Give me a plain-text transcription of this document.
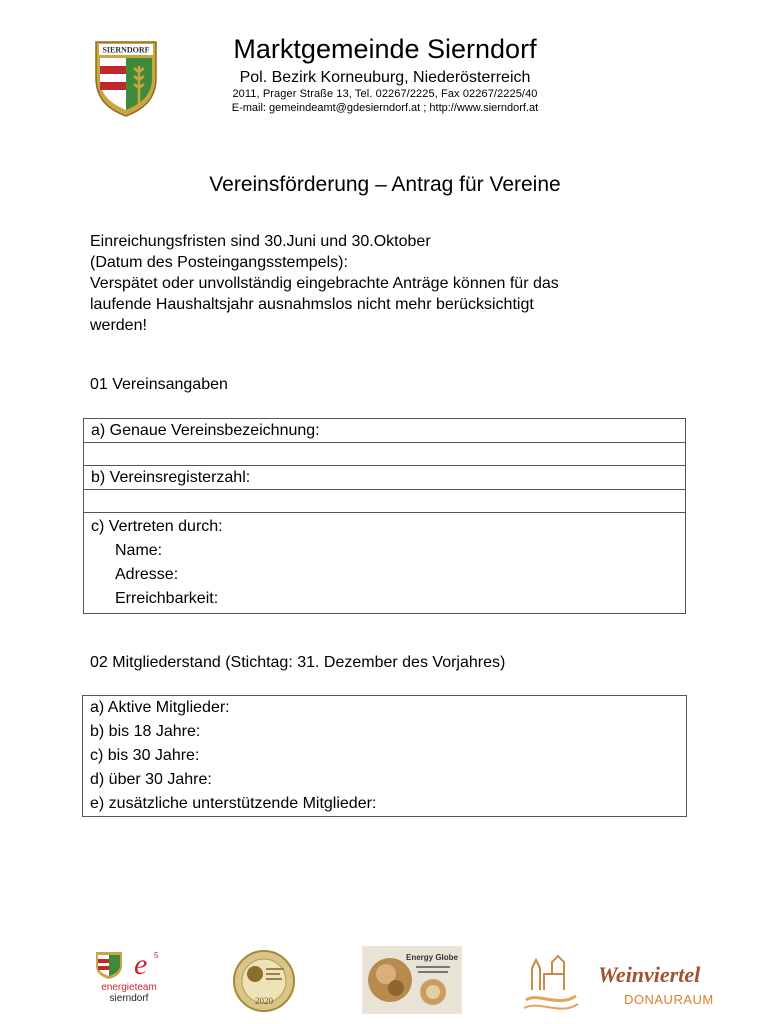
SIERNDORF	Marktgemeinde Sierndorf
Pol. Bezirk Korneuburg, Niederösterreich
2011, Prager Straße 13, Tel. 02267/2225, Fax 02267/2225/40
E-mail: gemeindeamt@gdesierndorf.at ; http://www.sierndorf.at
Vereinsförderung – Antrag für Vereine
Einreichungsfristen sind 30.Juni und 30.Oktober
(Datum des Posteingangsstempels):
Verspätet oder unvollständig eingebrachte Anträge können für das
laufende Haushaltsjahr ausnahmslos nicht mehr berücksichtigt
werden!
01 Vereinsangaben
a) Genaue Vereinsbezeichnung:

b) Vereinsregisterzahl:

c) Vertreten durch:
Name:
Adresse:
Erreichbarkeit:
02 Mitgliederstand (Stichtag: 31. Dezember des Vorjahres)
a) Aktive Mitglieder:
b) bis 18 Jahre:
c) bis 30 Jahre:
d) über 30 Jahre:
e) zusätzliche unterstützende Mitglieder:
e 5
energieteam
sierndorf	2020
Energy Globe
Weinviertel
DONAURAUM
